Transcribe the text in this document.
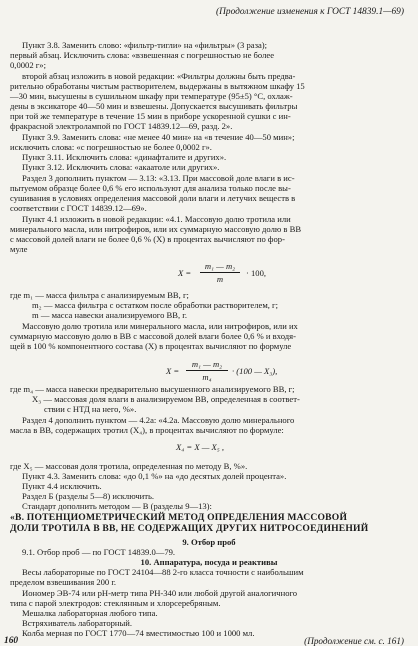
(Продолжение изменения к ГОСТ 14839.1—69)
Пункт 3.8. Заменить слово: «фильтр-тигли» на «фильтры» (3 раза);
первый абзац. Исключить слова: «взвешенная с погрешностью не более
0,0002 г»;
второй абзац изложить в новой редакции: «Фильтры должны быть предва-
рительно обработаны чистым растворителем, выдержаны в вытяжном шкафу 15
—30 мин, высушены в сушильном шкафу при температуре (95±5) °С, охлаж-
дены в эксикаторе 40—50 мин и взвешены. Допускается высушивать фильтры
при той же температуре в течение 15 мин в приборе ускоренной сушки с ин-
фракрасной электролампой по ГОСТ 14839.12—69, разд. 2».
Пункт 3.9. Заменить слова: «не менее 40 мин» на «в течение 40—50 мин»;
исключить слова: «с погрешностью не более 0,0002 г».
Пункт 3.11. Исключить слова: «динафталите и других».
Пункт 3.12. Исключить слова: «акаатоле или других».
Раздел 3 дополнить пунктом — 3.13: «3.13. При массовой доле влаги в ис-
пытуемом образце более 0,6 % его используют для анализа только после вы-
сушивания в условиях определения массовой доли влаги и летучих веществ в
соответствии с ГОСТ 14839.12—69».
Пункт 4.1 изложить в новой редакции: «4.1. Массовую долю тротила или
минерального масла, или нитрофиров, или их суммарную массовую долю в ВВ
с массовой долей влаги не более 0,6 % (X) в процентах вычисляют по фор-
муле
X =
m₁ — m₂
m
· 100,
где m₁ — масса фильтра с анализируемым ВВ, г;
m₂ — масса фильтра с остатком после обработки растворителем, г;
m — масса навески анализируемого ВВ, г.
Массовую долю тротила или минерального масла, или нитрофиров, или их
суммарную массовую долю в ВВ с массовой долей влаги более 0,6 % и входя-
щей в 100 % компонентного состава (X) в процентах вычисляют по формуле
X =
m₁ — m₂
m₄
· (100 — X₃),
где m₄ — масса навески предварительно высушенного анализируемого ВВ, г;
X₃ — массовая доля влаги в анализируемом ВВ, определенная в соответ-
ствии с НТД на него, %».
Раздел 4 дополнить пунктом — 4.2а: «4.2а. Массовую долю минерального
масла в ВВ, содержащих тротил (X₄), в процентах вычисляют по формуле:
X₄ = X — X₅ ,
где X₅ — массовая доля тротила, определенная по методу В, %».
Пункт 4.3. Заменить слова: «до 0,1 %» на «до десятых долей процента».
Пункт 4.4 исключить.
Раздел Б (разделы 5—8) исключить.
Стандарт дополнить методом — В (разделы 9—13):
«В. ПОТЕНЦИОМЕТРИЧЕСКИЙ МЕТОД ОПРЕДЕЛЕНИЯ МАССОВОЙ
ДОЛИ ТРОТИЛА В ВВ, НЕ СОДЕРЖАЩИХ ДРУГИХ НИТРОСОЕДИНЕНИЙ
9. Отбор проб
9.1. Отбор проб — по ГОСТ 14839.0—79.
10. Аппаратура, посуда и реактивы
Весы лабораторные по ГОСТ 24104—88 2-го класса точности с наибольшим
пределом взвешивания 200 г.
Иономер ЭВ-74 или pH-метр типа PH-340 или любой другой аналогичного
типа с парой электродов: стеклянным и хлорсеребряным.
Мешалка лабораторная любого типа.
Встряхиватель лабораторный.
Колба мерная по ГОСТ 1770—74 вместимостью 100 и 1000 мл.
160	(Продолжение см. с. 161)
